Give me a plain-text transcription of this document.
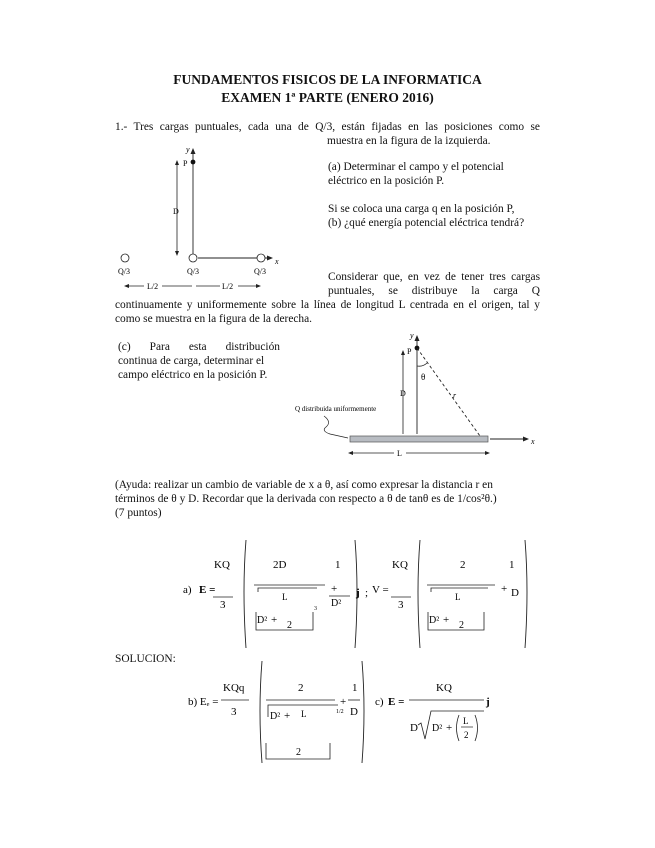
FUNDAMENTOS FISICOS DE LA INFORMATICA
EXAMEN 1ª PARTE (ENERO 2016)
1.- Tres cargas puntuales, cada una de Q/3, están fijadas en las posiciones como se
muestra en la figura de la izquierda.
(a) Determinar el campo y el potencial
eléctrico en la posición P.
Si se coloca una carga q en la posición P,
(b) ¿qué energía potencial eléctrica tendrá?
Considerar que, en vez de tener tres cargas
puntuales, se distribuye la carga Q
continuamente y uniformemente sobre la línea de longitud L centrada en el origen, tal y
como se muestra en la figura de la derecha.
(c) Para esta distribución
continua de carga, determinar el
campo eléctrico en la posición P.
(Ayuda: realizar un cambio de variable de x a θ, así como expresar la distancia r en
términos de θ y D. Recordar que la derivada con respecto a θ de tanθ es de 1/cos²θ.)
(7 puntos)
y
x
P
D
Q/3	Q/3	Q/3
L/2	L/2
y
x
P
D
θ
r
L
Q distribuida uniformemente
KQ
a) E =
3
2D	1
L
+
D²
j ;
3
D² + 2
KQ
V =
3
2	1
L
+ D
D² + 2
SOLUCION:
KQq
b) Eₑ =
3
2	1
+
D
D² + L	1/2
2
c) E =
KQ
j
D D² +
L
2
